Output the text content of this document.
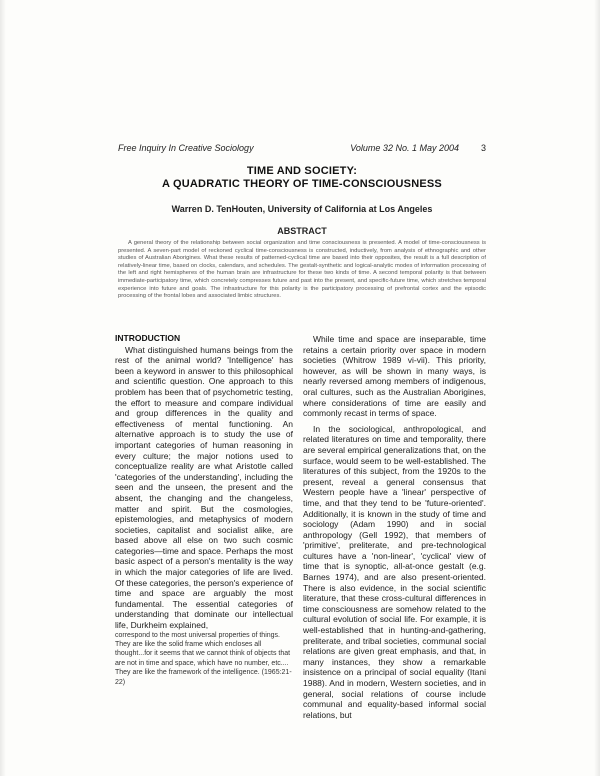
Free Inquiry In Creative Sociology	Volume 32 No. 1 May 2004 3
TIME AND SOCIETY:
A QUADRATIC THEORY OF TIME-CONSCIOUSNESS
Warren D. TenHouten, University of California at Los Angeles
ABSTRACT
A general theory of the relationship between social organization and time consciousness is presented. A model of time-consciousness is presented. A seven-part model of reckoned cyclical time-consciousness is constructed, inductively, from analysis of ethnographic and other studies of Australian Aborigines. What these results of patterned-cyclical time are based into their opposites, the result is a full description of relatively-linear time, based on clocks, calendars, and schedules. The gestalt-synthetic and logical-analytic modes of information processing of the left and right hemispheres of the human brain are infrastructure for these two kinds of time. A second temporal polarity is that between immediate-participatory time, which concretely compresses future and past into the present, and specific-future time, which stretches temporal experience into future and goals. The infrastructure for this polarity is the participatory processing of prefrontal cortex and the episodic processing of the frontal lobes and associated limbic structures.
INTRODUCTION

What distinguished humans beings from the rest of the animal world? 'Intelligence' has been a keyword in answer to this philosophical and scientific question. One approach to this problem has been that of psychometric testing, the effort to measure and compare individual and group differences in the quality and effectiveness of mental functioning. An alternative approach is to study the use of important categories of human reasoning in every culture; the major notions used to conceptualize reality are what Aristotle called 'categories of the understanding', including the seen and the unseen, the present and the absent, the changing and the changeless, matter and spirit. But the cosmologies, epistemologies, and metaphysics of modern societies, capitalist and socialist alike, are based above all else on two such cosmic categories—time and space. Perhaps the most basic aspect of a person's mentality is the way in which the major categories of life are lived. Of these categories, the person's experience of time and space are arguably the most fundamental. The essential categories of understanding that dominate our intellectual life, Durkheim explained,

correspond to the most universal properties of things. They are like the solid frame which encloses all thought...for it seems that we cannot think of objects that are not in time and space, which have no number, etc.... They are like the framework of the intelligence. (1965:21-22)

While time and space are inseparable, time retains a certain priority over space in modern societies (Whitrow 1989 vi-vii). This priority, however, as will be shown in many ways, is nearly reversed among members of indigenous, oral cultures, such as the Australian Aborigines, where considerations of time are easily and commonly recast in terms of space.

In the sociological, anthropological, and related literatures on time and temporality, there are several empirical generalizations that, on the surface, would seem to be well-established. The literatures of this subject, from the 1920s to the present, reveal a general consensus that Western people have a 'linear' perspective of time, and that they tend to be 'future-oriented'. Additionally, it is known in the study of time and sociology (Adam 1990) and in social anthropology (Gell 1992), that members of 'primitive', preliterate, and pre-technological cultures have a 'non-linear', 'cyclical' view of time that is synoptic, all-at-once gestalt (e.g. Barnes 1974), and are also present-oriented. There is also evidence, in the social scientific literature, that these cross-cultural differences in time consciousness are somehow related to the cultural evolution of social life. For example, it is well-established that in hunting-and-gathering, preliterate, and tribal societies, communal social relations are given great emphasis, and that, in many instances, they show a remarkable insistence on a principal of social equality (Itani 1988). And in modern, Western societies, and in general, social relations of course include communal and equality-based informal social relations, but
